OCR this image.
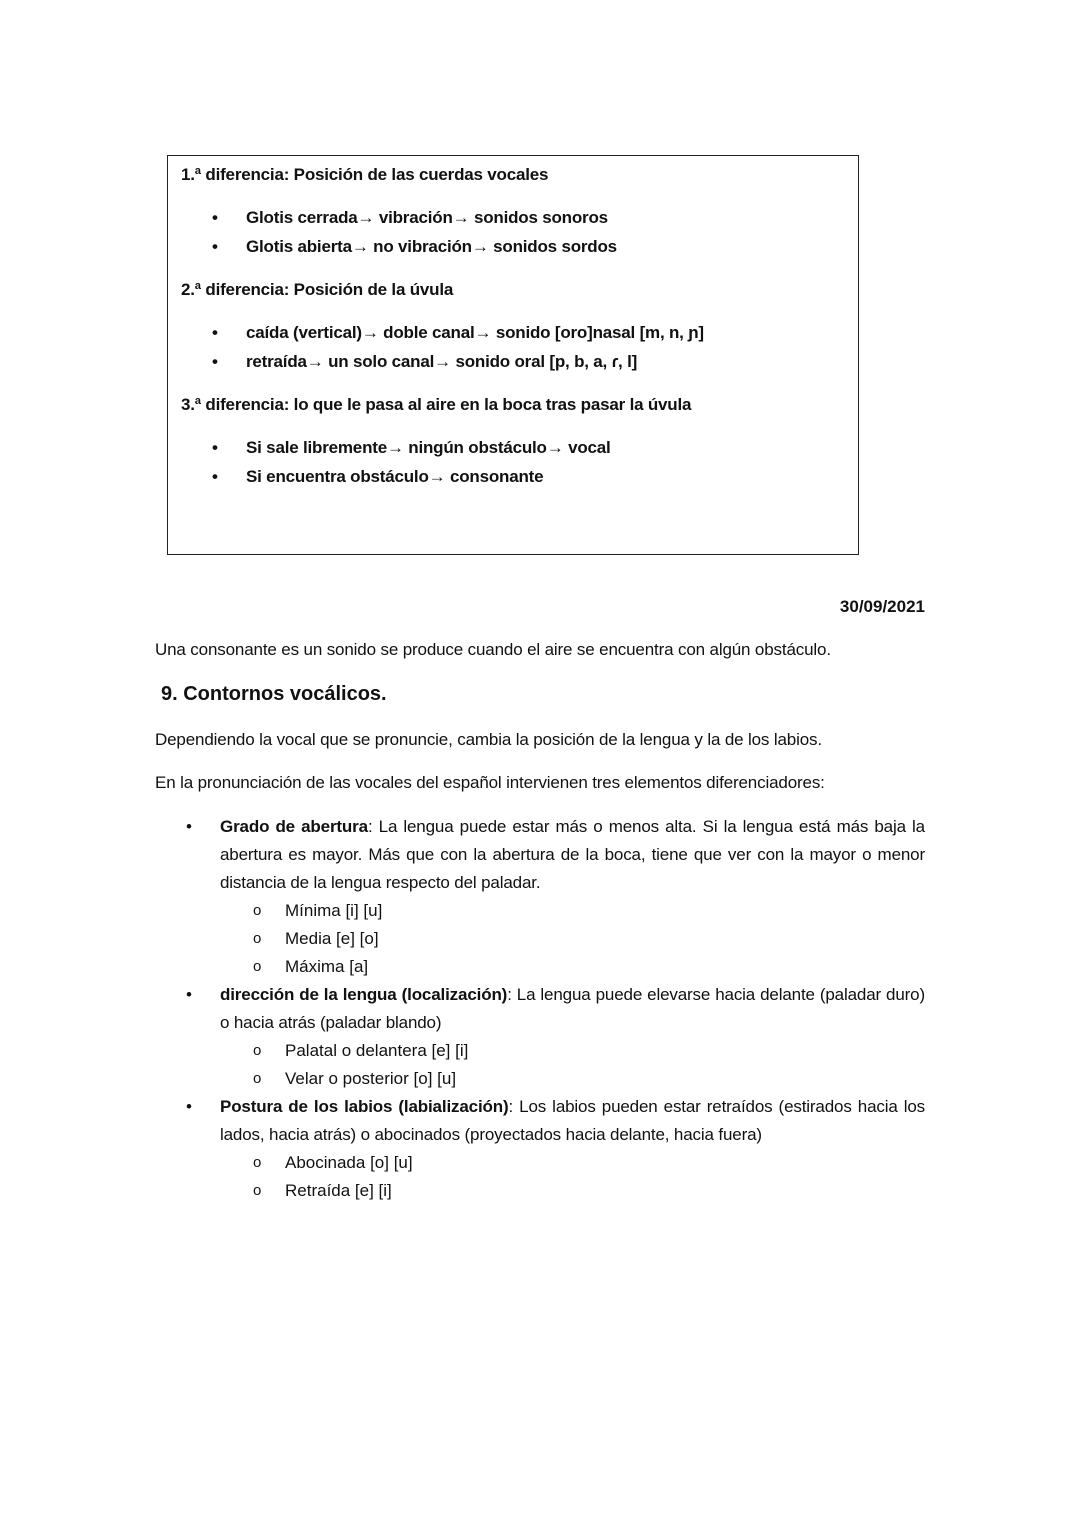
1.ª diferencia: Posición de las cuerdas vocales
• Glotis cerrada→ vibración→ sonidos sonoros
• Glotis abierta→ no vibración→ sonidos sordos
2.ª diferencia: Posición de la úvula
• caída (vertical)→ doble canal→ sonido [oro]nasal [m, n, ɲ]
• retraída→ un solo canal→ sonido oral [p, b, a, ɾ, l]
3.ª diferencia: lo que le pasa al aire en la boca tras pasar la úvula
• Si sale libremente→ ningún obstáculo→ vocal
• Si encuentra obstáculo→ consonante
30/09/2021
Una consonante es un sonido se produce cuando el aire se encuentra con algún obstáculo.
9. Contornos vocálicos.
Dependiendo la vocal que se pronuncie, cambia la posición de la lengua y la de los labios.
En la pronunciación de las vocales del español intervienen tres elementos diferenciadores:
• Grado de abertura: La lengua puede estar más o menos alta. Si la lengua está más baja la abertura es mayor. Más que con la abertura de la boca, tiene que ver con la mayor o menor distancia de la lengua respecto del paladar.
o Mínima [i] [u]
o Media [e] [o]
o Máxima [a]
• dirección de la lengua (localización): La lengua puede elevarse hacia delante (paladar duro) o hacia atrás (paladar blando)
o Palatal o delantera [e] [i]
o Velar o posterior [o] [u]
• Postura de los labios (labialización): Los labios pueden estar retraídos (estirados hacia los lados, hacia atrás) o abocinados (proyectados hacia delante, hacia fuera)
o Abocinada [o] [u]
o Retraída [e] [i]
